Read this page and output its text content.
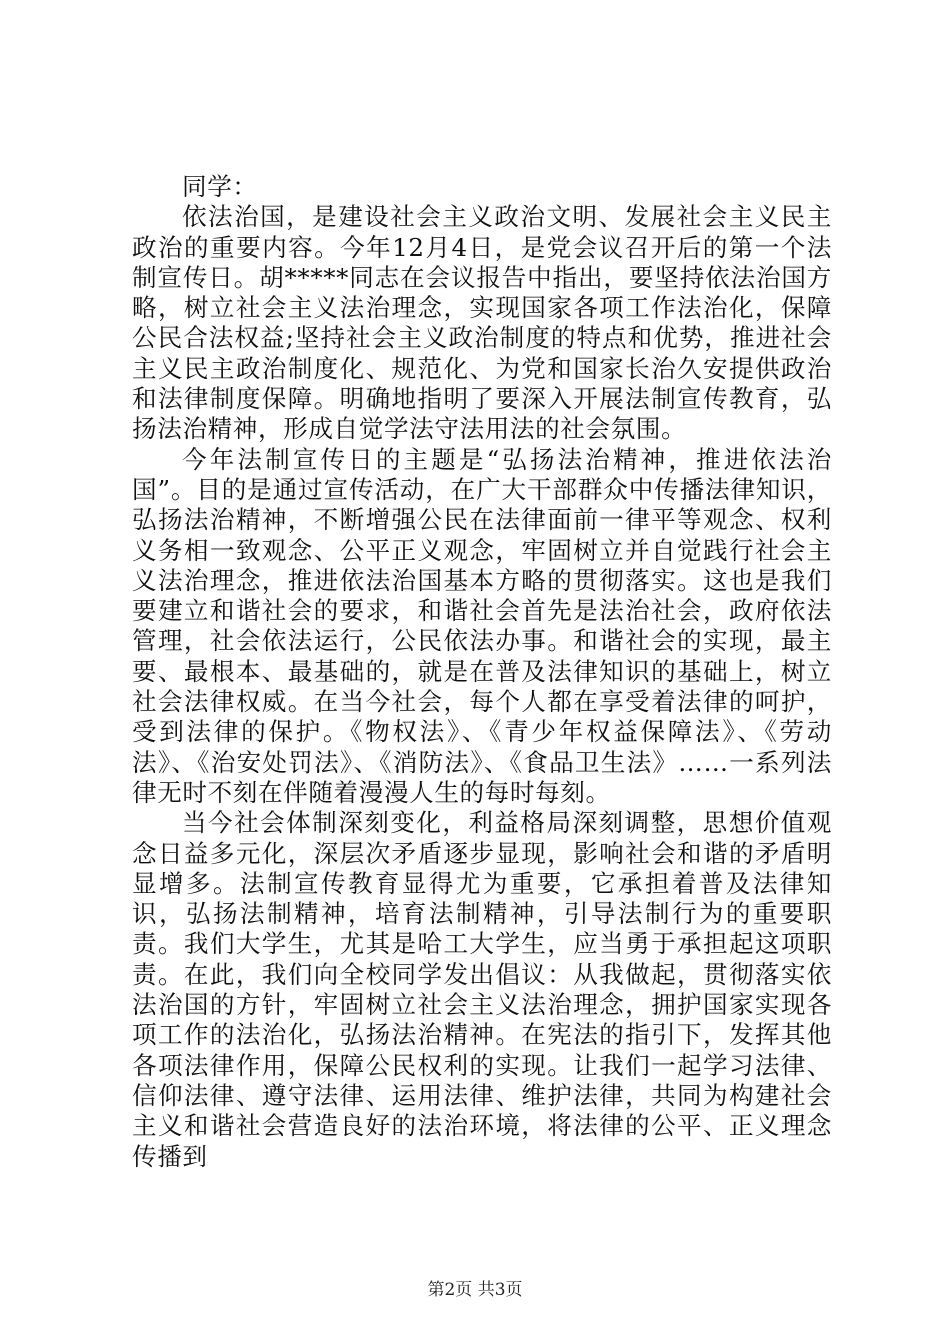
同学：

依法治国，是建设社会主义政治文明、发展社会主义民主政治的重要内容。今年12月4日，是党会议召开后的第一个法制宣传日。胡*****同志在会议报告中指出，要坚持依法治国方略，树立社会主义法治理念，实现国家各项工作法治化，保障公民合法权益;坚持社会主义政治制度的特点和优势，推进社会主义民主政治制度化、规范化、为党和国家长治久安提供政治和法律制度保障。明确地指明了要深入开展法制宣传教育，弘扬法治精神，形成自觉学法守法用法的社会氛围。

今年法制宣传日的主题是“弘扬法治精神，推进依法治国”。目的是通过宣传活动，在广大干部群众中传播法律知识，弘扬法治精神，不断增强公民在法律面前一律平等观念、权利义务相一致观念、公平正义观念，牢固树立并自觉践行社会主义法治理念，推进依法治国基本方略的贯彻落实。这也是我们要建立和谐社会的要求，和谐社会首先是法治社会，政府依法管理，社会依法运行，公民依法办事。和谐社会的实现，最主要、最根本、最基础的，就是在普及法律知识的基础上，树立社会法律权威。在当今社会，每个人都在享受着法律的呵护，受到法律的保护。《物权法》、《青少年权益保障法》、《劳动法》、《治安处罚法》、《消防法》、《食品卫生法》……一系列法律无时不刻在伴随着漫漫人生的每时每刻。

当今社会体制深刻变化，利益格局深刻调整，思想价值观念日益多元化，深层次矛盾逐步显现，影响社会和谐的矛盾明显增多。法制宣传教育显得尤为重要，它承担着普及法律知识，弘扬法制精神，培育法制精神，引导法制行为的重要职责。我们大学生，尤其是哈工大学生，应当勇于承担起这项职责。在此，我们向全校同学发出倡议：从我做起，贯彻落实依法治国的方针，牢固树立社会主义法治理念，拥护国家实现各项工作的法治化，弘扬法治精神。在宪法的指引下，发挥其他各项法律作用，保障公民权利的实现。让我们一起学习法律、信仰法律、遵守法律、运用法律、维护法律，共同为构建社会主义和谐社会营造良好的法治环境，将法律的公平、正义理念传播到

第2页 共3页
